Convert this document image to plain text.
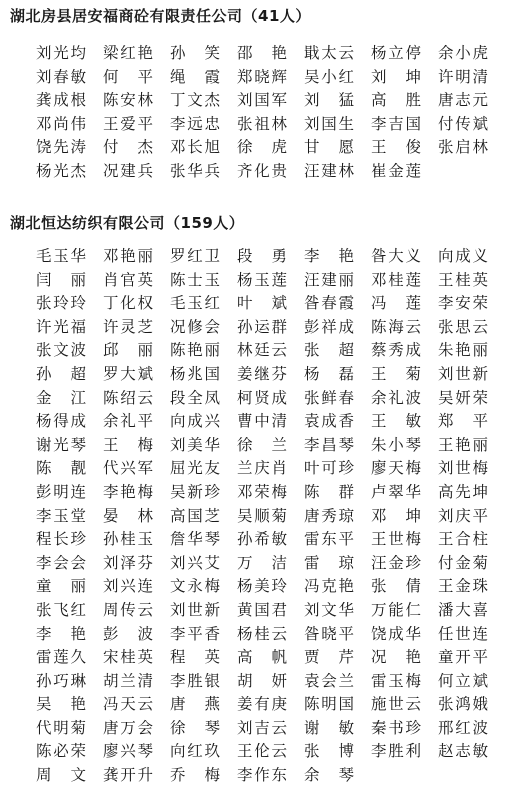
湖北房县居安福商砼有限责任公司（41人）
刘光均 梁红艳 孙笑 邵艳 戢太云 杨立停 余小虎
刘春敏 何平 绳霞 郑晓辉 吴小红 刘坤 许明清
龚成根 陈安林 丁文杰 刘国军 刘猛 高胜 唐志元
邓尚伟 王爱平 李远忠 张祖林 刘国生 李吉国 付传斌
饶先涛 付杰 邓长旭 徐虎 甘愿 王俊 张启林
杨光杰 况建兵 张华兵 齐化贵 汪建林 崔金莲
湖北恒达纺织有限公司（159人）
毛玉华 邓艳丽 罗红卫 段勇 李艳 昝大义 向成义
闫丽 肖官英 陈士玉 杨玉莲 汪建丽 邓桂莲 王桂英
张玲玲 丁化权 毛玉红 叶斌 昝春霞 冯莲 李安荣
许光福 许灵芝 况修会 孙运群 彭祥成 陈海云 张思云
张文波 邱丽 陈艳丽 林廷云 张超 蔡秀成 朱艳丽
孙超 罗大斌 杨兆国 姜继芬 杨磊 王菊 刘世新
金江 陈绍云 段全凤 柯贤成 张鲜春 余礼波 吴妍荣
杨得成 余礼平 向成兴 曹中清 袁成香 王敏 郑平
谢光琴 王梅 刘美华 徐兰 李昌琴 朱小琴 王艳丽
陈靓 代兴军 屈光友 兰庆肖 叶可珍 廖天梅 刘世梅
彭明连 李艳梅 吴新珍 邓荣梅 陈群 卢翠华 高先坤
李玉堂 晏林 高国芝 吴顺菊 唐秀琼 邓坤 刘庆平
程长珍 孙桂玉 詹华琴 孙希敏 雷东平 王世梅 王合柱
李会会 刘泽芬 刘兴艾 万洁 雷琼 汪金珍 付金菊
童丽 刘兴连 文永梅 杨美玲 冯克艳 张倩 王金珠
张飞红 周传云 刘世新 黄国君 刘文华 万能仁 潘大喜
李艳 彭波 李平香 杨桂云 昝晓平 饶成华 任世连
雷莲久 宋桂英 程英 高帆 贾芹 况艳 童开平
孙巧琳 胡兰清 李胜银 胡妍 袁会兰 雷玉梅 何立斌
吴艳 冯天云 唐燕 姜有庚 陈明国 施世云 张鸿娥
代明菊 唐万会 徐琴 刘吉云 谢敏 秦书珍 邢红波
陈必荣 廖兴琴 向红玖 王伦云 张博 李胜利 赵志敏
周文 龚开升 乔梅 李作东 余琴
